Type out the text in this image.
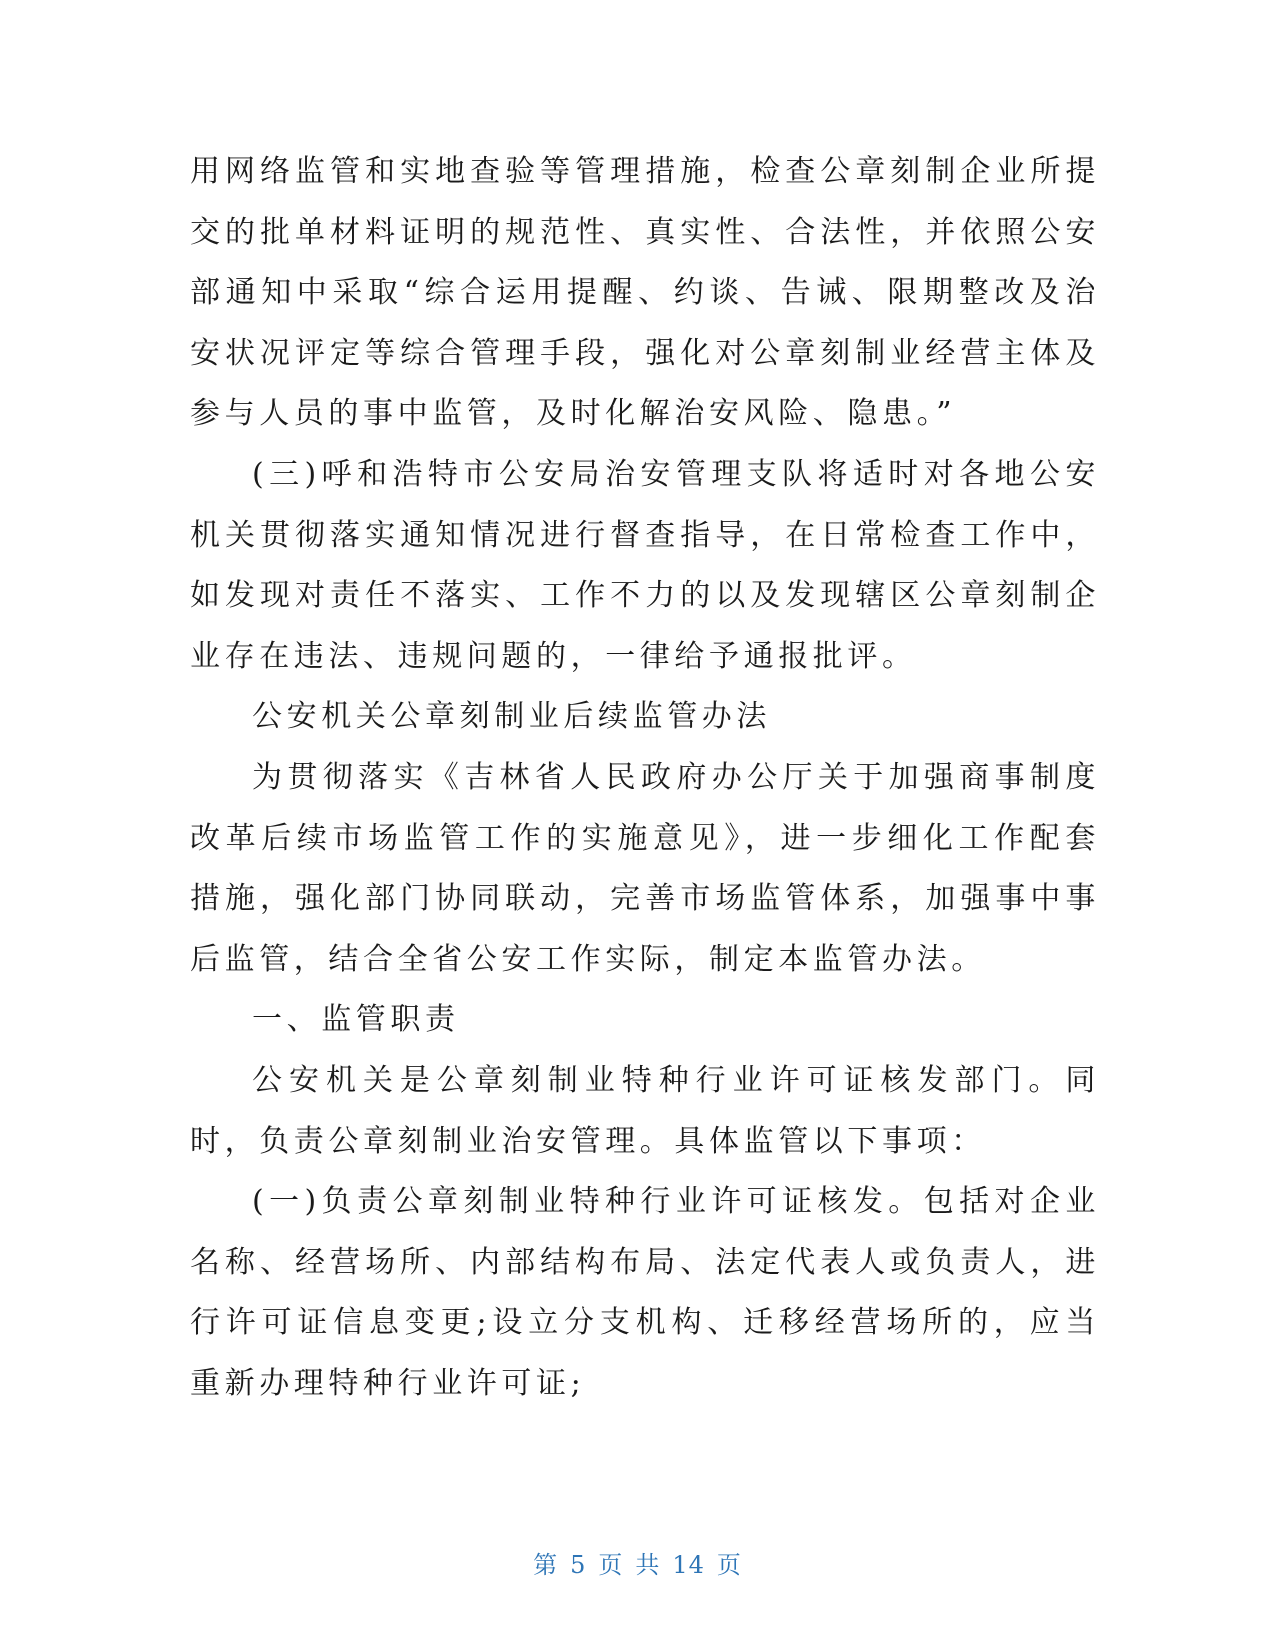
用网络监管和实地查验等管理措施，检查公章刻制企业所提交的批单材料证明的规范性、真实性、合法性，并依照公安部通知中采取“综合运用提醒、约谈、告诫、限期整改及治安状况评定等综合管理手段，强化对公章刻制业经营主体及参与人员的事中监管，及时化解治安风险、隐患。”

(三)呼和浩特市公安局治安管理支队将适时对各地公安机关贯彻落实通知情况进行督查指导，在日常检查工作中，如发现对责任不落实、工作不力的以及发现辖区公章刻制企业存在违法、违规问题的，一律给予通报批评。

公安机关公章刻制业后续监管办法

为贯彻落实《吉林省人民政府办公厅关于加强商事制度改革后续市场监管工作的实施意见》，进一步细化工作配套措施，强化部门协同联动，完善市场监管体系，加强事中事后监管，结合全省公安工作实际，制定本监管办法。

一、监管职责

公安机关是公章刻制业特种行业许可证核发部门。同时，负责公章刻制业治安管理。具体监管以下事项：

(一)负责公章刻制业特种行业许可证核发。包括对企业名称、经营场所、内部结构布局、法定代表人或负责人，进行许可证信息变更;设立分支机构、迁移经营场所的，应当重新办理特种行业许可证;

第 5 页 共 14 页
